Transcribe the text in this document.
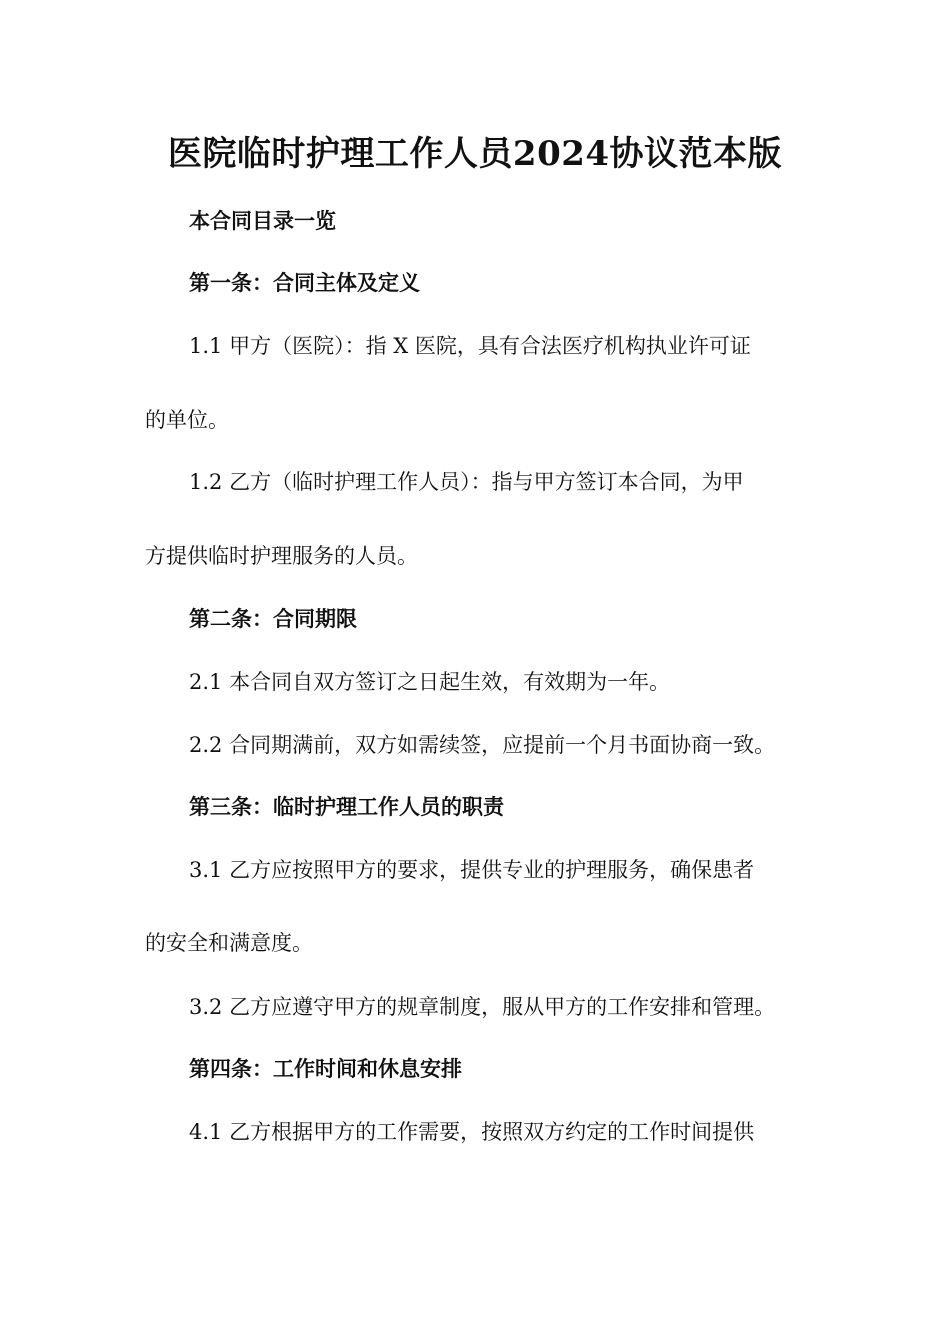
医院临时护理工作人员2024协议范本版
本合同目录一览
第一条：合同主体及定义
1.1 甲方（医院）：指 X 医院，具有合法医疗机构执业许可证
的单位。
1.2 乙方（临时护理工作人员）：指与甲方签订本合同，为甲
方提供临时护理服务的人员。
第二条：合同期限
2.1 本合同自双方签订之日起生效，有效期为一年。
2.2 合同期满前，双方如需续签，应提前一个月书面协商一致。
第三条：临时护理工作人员的职责
3.1 乙方应按照甲方的要求，提供专业的护理服务，确保患者
的安全和满意度。
3.2 乙方应遵守甲方的规章制度，服从甲方的工作安排和管理。
第四条：工作时间和休息安排
4.1 乙方根据甲方的工作需要，按照双方约定的工作时间提供
